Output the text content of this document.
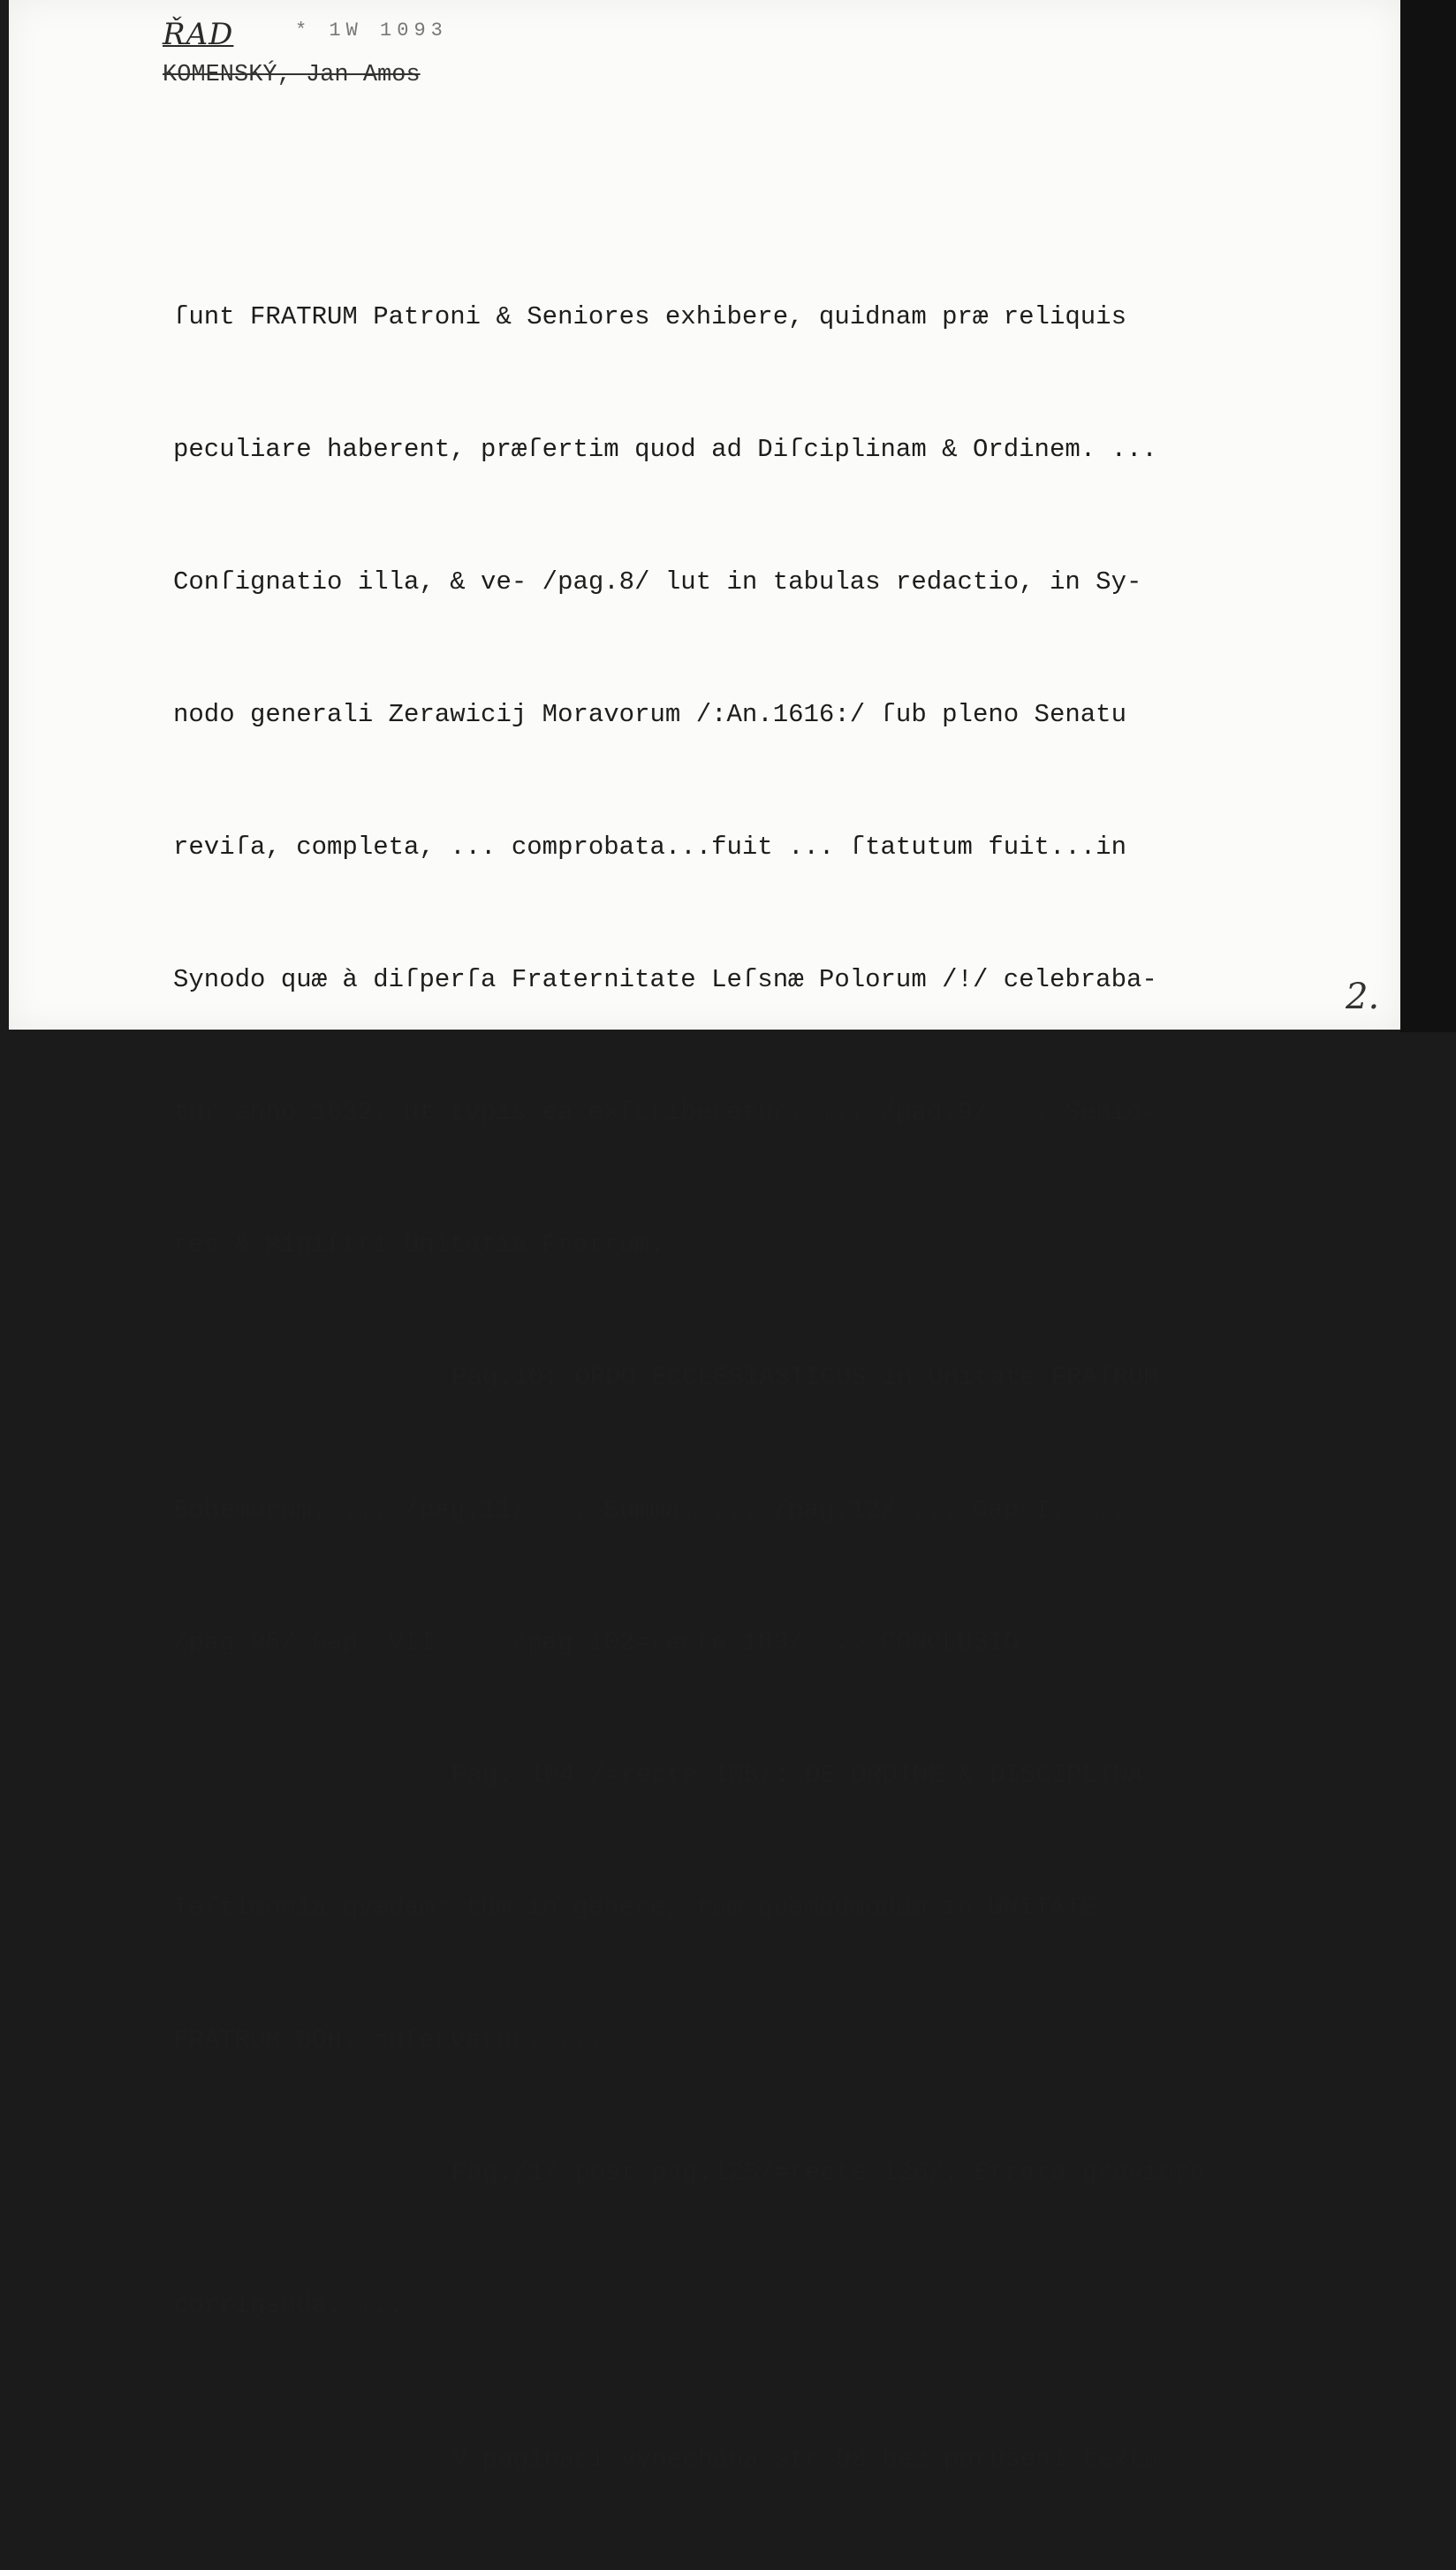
ŘAD	* 1W 1093
KOMENSKÝ, Jan Amos

ſunt FRATRUM Patroni & Seniores exhibere, quidnam præ reliquis

peculiare haberent, præſertim quod ad Diſciplinam & Ordinem. ...

Conſignatio illa, & ve- /pag.8/ lut in tabulas redactio, in Sy-

nodo generali Zerawicij Moravorum /:An.1616:/ ſub pleno Senatu

reviſa, completa, ... comprobata...fuit ... ſtatutum fuit...in

Synodo quæ à diſperſa Fraternitate Leſsnæ Polorum /!/ celebraba-

tur anno 1632. ut typis ea exſcriberetur. ... /pag.9/ ... Senio-

res & Miniſtri Unitatis Fratrum.

Pag.10: ORDO ECCLESIASTICUS in Unitate FRATRUM

Bohemorum. ... /pag.11/ ... Summa. ... /pag.12/ ... Cap.I. ...

/pag.95/ Cap. VII. .../pag.102=recte 103/ ... CONCLUSIO. ...

Pag. 104 /=recte 105/: DE ORDINE & DISCIPLINA

Teſtimonia qvædam: tum in genere, tum quemadmodum in UNITATE

FRATRUM BOH. obſervatur. ...

Pag./1/ post pag.125/=recte 126/: Errata graviora

corrigenda. ...

V paginaci vynechána str.98 bez porušení textu.

2.
